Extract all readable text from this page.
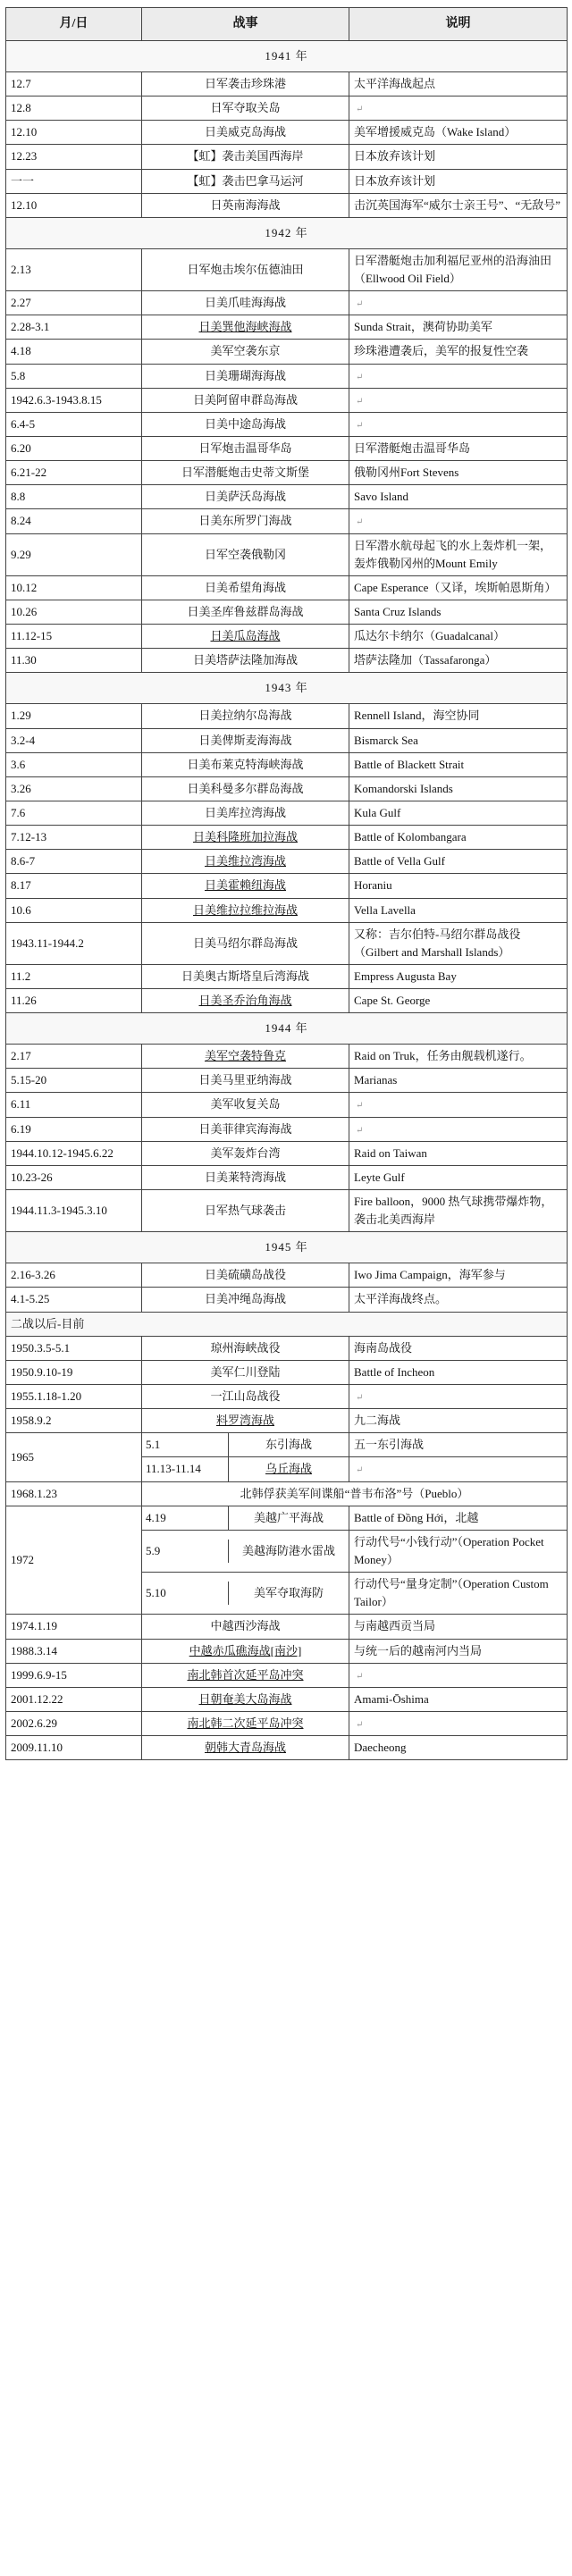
月/日	战事	说明
1941 年		
12.7	日军袭击珍珠港	太平洋海战起点
12.8	日军夺取关岛	↵
12.10	日美威克岛海战	美军增援威克岛（Wake Island）
12.23	【虹】袭击美国西海岸	日本放弃该计划
一一	【虹】袭击巴拿马运河	日本放弃该计划
12.10	日英南海海战	击沉英国海军“威尔士亲王号”、“无敌号”
1942 年		
2.13	日军炮击埃尔伍德油田	日军潜艇炮击加利福尼亚州的沿海油田（Ellwood Oil Field）
2.27	日美爪哇海海战	↵
2.28-3.1	日美巽他海峡海战	Sunda Strait，澳荷协助美军
4.18	美军空袭东京	珍珠港遭袭后，美军的报复性空袭
5.8	日美珊瑚海海战	↵
1942.6.3-1943.8.15	日美阿留申群岛海战	↵
6.4-5	日美中途岛海战	↵
6.20	日军炮击温哥华岛	日军潜艇炮击温哥华岛
6.21-22	日军潜艇炮击史蒂文斯堡	俄勒冈州Fort Stevens
8.8	日美萨沃岛海战	Savo Island
8.24	日美东所罗门海战	↵
9.29	日军空袭俄勒冈	日军潜水航母起飞的水上轰炸机一架，轰炸俄勒冈州的Mount Emily
10.12	日美希望角海战	Cape Esperance（又译，埃斯帕恩斯角）
10.26	日美圣库鲁兹群岛海战	Santa Cruz Islands
11.12-15	日美瓜岛海战	瓜达尔卡纳尔（Guadalcanal）
11.30	日美塔萨法隆加海战	塔萨法隆加（Tassafaronga）
1943 年		
1.29	日美拉纳尔岛海战	Rennell Island，海空协同
3.2-4	日美俾斯麦海海战	Bismarck Sea
3.6	日美布莱克特海峡海战	Battle of Blackett Strait
3.26	日美科曼多尔群岛海战	Komandorski Islands
7.6	日美库拉湾海战	Kula Gulf
7.12-13	日美科隆班加拉海战	Battle of Kolombangara
8.6-7	日美维拉湾海战	Battle of Vella Gulf
8.17	日美霍赖纽海战	Horaniu
10.6	日美维拉拉维拉海战	Vella Lavella
1943.11-1944.2	日美马绍尔群岛海战	又称：吉尔伯特-马绍尔群岛战役（Gilbert and Marshall Islands）
11.2	日美奥古斯塔皇后湾海战	Empress Augusta Bay
11.26	日美圣乔治角海战	Cape St. George
1944 年		
2.17	美军空袭特鲁克	Raid on Truk，任务由舰载机遂行。
5.15-20	日美马里亚纳海战	Marianas
6.11	美军收复关岛	↵
6.19	日美菲律宾海海战	↵
1944.10.12-1945.6.22	美军轰炸台湾	Raid on Taiwan
10.23-26	日美莱特湾海战	Leyte Gulf
1944.11.3-1945.3.10	日军热气球袭击	Fire balloon，9000 热气球携带爆炸物，袭击北美西海岸
1945 年		
2.16-3.26	日美硫磺岛战役	Iwo Jima Campaign，海军参与
4.1-5.25	日美冲绳岛海战	太平洋海战终点。
二战以后-目前		
1950.3.5-5.1	琼州海峡战役	海南岛战役
1950.9.10-19	美军仁川登陆	Battle of Incheon
1955.1.18-1.20	一江山岛战役	↵
1958.9.2	料罗湾海战	九二海战
1965	5.1 东引海战	五一东引海战

	11.13-11.14 乌丘海战	↵
1968.1.23	北韩俘获美军间谍船“普韦布洛”号（Pueblo）	
1972	4.19 美越广平海战	Battle of Đồng Hới，北越

	5.9 美越海防港水雷战	行动代号“小钱行动”（Operation Pocket Money）

	5.10 美军夺取海防	行动代号“量身定制”（Operation Custom Tailor）
1974.1.19	中越西沙海战	与南越西贡当局
1988.3.14	中越赤瓜礁海战[南沙]	与统一后的越南河内当局
1999.6.9-15	南北韩首次延平岛冲突	↵
2001.12.22	日朝奄美大岛海战	Amami-Ōshima
2002.6.29	南北韩二次延平岛冲突	↵
2009.11.10	朝韩大青岛海战	Daecheong
